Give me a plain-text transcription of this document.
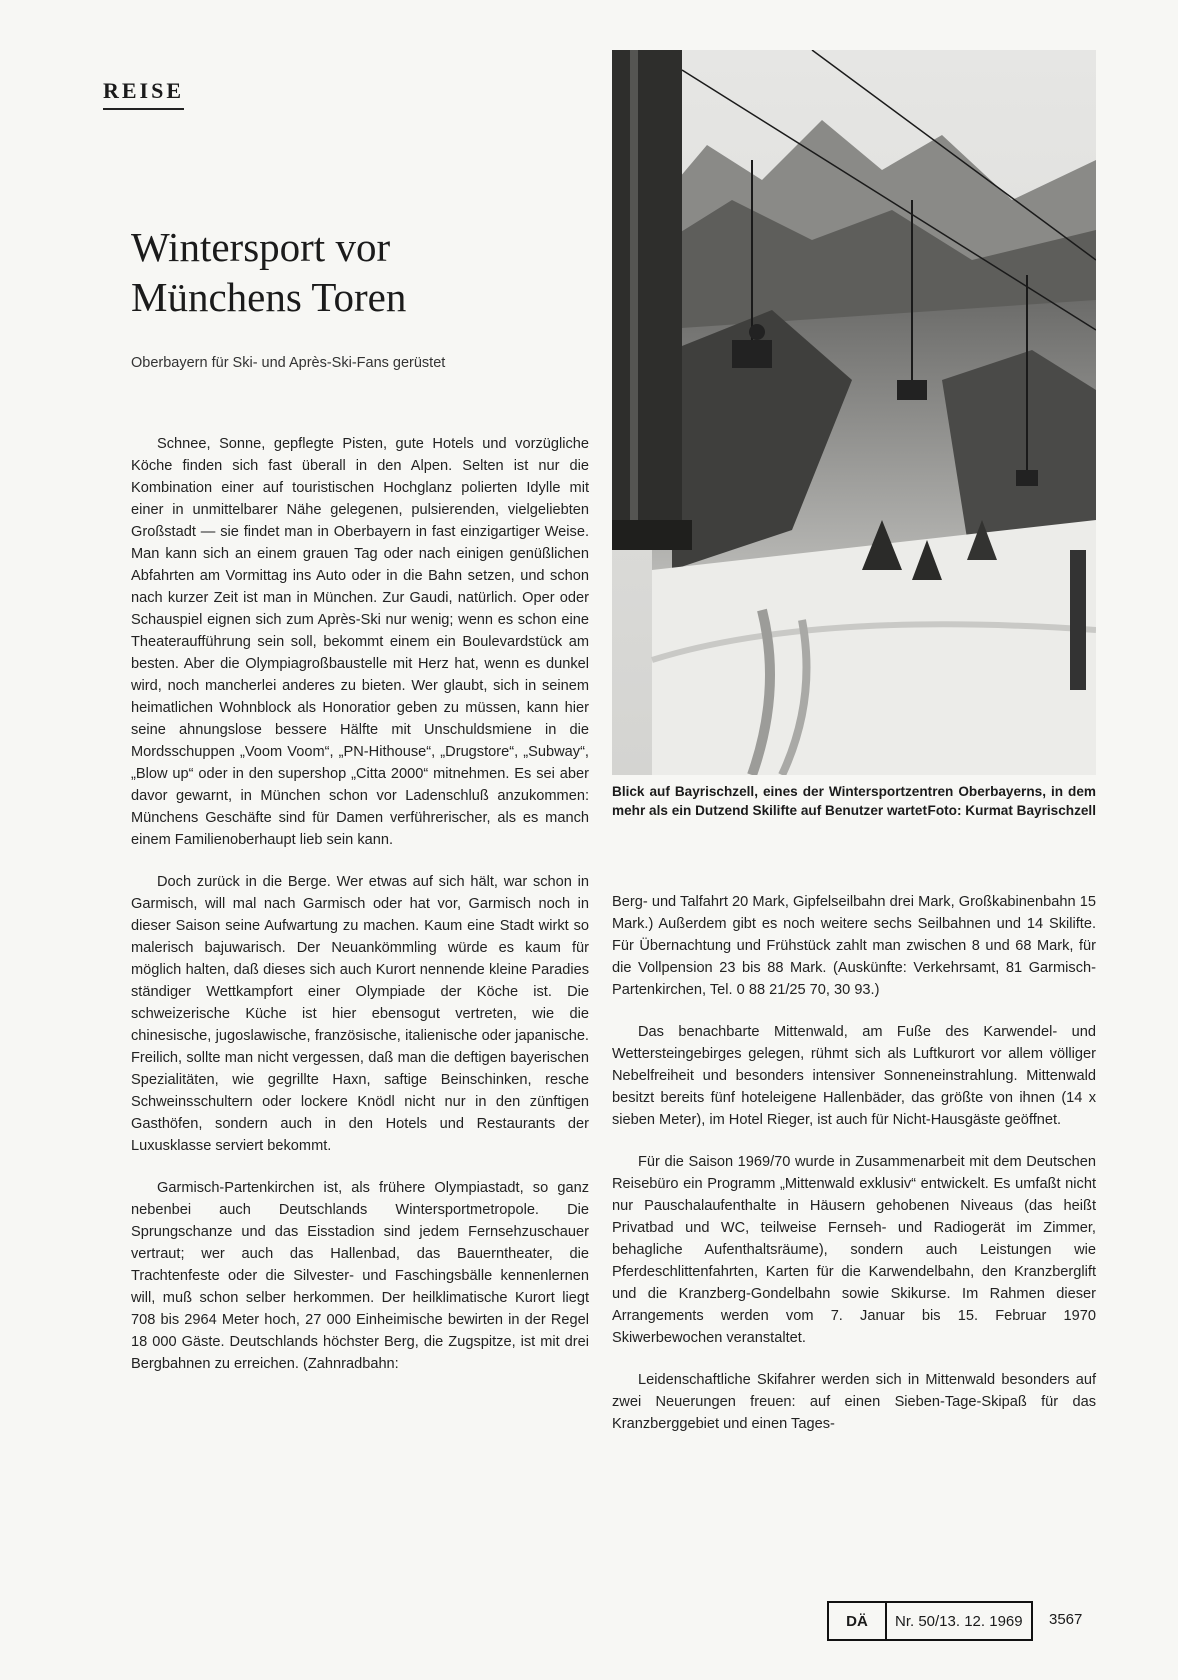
REISE
Wintersport vor
Münchens Toren
Oberbayern für Ski- und Après-Ski-Fans gerüstet

Schnee, Sonne, gepflegte Pisten, gute Hotels und vorzügliche Köche finden sich fast überall in den Alpen. Selten ist nur die Kombination einer auf touristischen Hochglanz polierten Idylle mit einer in unmittelbarer Nähe gelegenen, pulsierenden, vielgeliebten Großstadt — sie findet man in Oberbayern in fast einzigartiger Weise. Man kann sich an einem grauen Tag oder nach einigen genüßlichen Abfahrten am Vormittag ins Auto oder in die Bahn setzen, und schon nach kurzer Zeit ist man in München. Zur Gaudi, natürlich. Oper oder Schauspiel eignen sich zum Après-Ski nur wenig; wenn es schon eine Theateraufführung sein soll, bekommt einem ein Boulevardstück am besten. Aber die Olympiagroßbaustelle mit Herz hat, wenn es dunkel wird, noch mancherlei anderes zu bieten. Wer glaubt, sich in seinem heimatlichen Wohnblock als Honoratior geben zu müssen, kann hier seine ahnungslose bessere Hälfte mit Unschuldsmiene in die Mordsschuppen „Voom Voom“, „PN-Hithouse“, „Drugstore“, „Subway“, „Blow up“ oder in den supershop „Citta 2000“ mitnehmen. Es sei aber davor gewarnt, in München schon vor Ladenschluß anzukommen: Münchens Geschäfte sind für Damen verführerischer, als es manch einem Familienoberhaupt lieb sein kann.

Doch zurück in die Berge. Wer etwas auf sich hält, war schon in Garmisch, will mal nach Garmisch oder hat vor, Garmisch noch in dieser Saison seine Aufwartung zu machen. Kaum eine Stadt wirkt so malerisch bajuwarisch. Der Neuankömmling würde es kaum für möglich halten, daß dieses sich auch Kurort nennende kleine Paradies ständiger Wettkampfort einer Olympiade der Köche ist. Die schweizerische Küche ist hier ebensogut vertreten, wie die chinesische, jugoslawische, französische, italienische oder japanische. Freilich, sollte man nicht vergessen, daß man die deftigen bayerischen Spezialitäten, wie gegrillte Haxn, saftige Beinschinken, resche Schweinsschultern oder lockere Knödl nicht nur in den zünftigen Gasthöfen, sondern auch in den Hotels und Restaurants der Luxusklasse serviert bekommt.

Garmisch-Partenkirchen ist, als frühere Olympiastadt, so ganz nebenbei auch Deutschlands Wintersportmetropole. Die Sprungschanze und das Eisstadion sind jedem Fernsehzuschauer vertraut; wer auch das Hallenbad, das Bauerntheater, die Trachtenfeste oder die Silvester- und Faschingsbälle kennenlernen will, muß schon selber herkommen. Der heilklimatische Kurort liegt 708 bis 2964 Meter hoch, 27 000 Einheimische bewirten in der Regel 18 000 Gäste. Deutschlands höchster Berg, die Zugspitze, ist mit drei Bergbahnen zu erreichen. (Zahnradbahn:

Blick auf Bayrischzell, eines der Wintersportzentren Oberbayerns, in dem mehr als ein Dutzend Skilifte auf Benutzer wartet Foto: Kurmat Bayrischzell

Berg- und Talfahrt 20 Mark, Gipfelseilbahn drei Mark, Großkabinenbahn 15 Mark.) Außerdem gibt es noch weitere sechs Seilbahnen und 14 Skilifte. Für Übernachtung und Frühstück zahlt man zwischen 8 und 68 Mark, für die Vollpension 23 bis 88 Mark. (Auskünfte: Verkehrsamt, 81 Garmisch-Partenkirchen, Tel. 0 88 21/25 70, 30 93.)

Das benachbarte Mittenwald, am Fuße des Karwendel- und Wettersteingebirges gelegen, rühmt sich als Luftkurort vor allem völliger Nebelfreiheit und besonders intensiver Sonneneinstrahlung. Mittenwald besitzt bereits fünf hoteleigene Hallenbäder, das größte von ihnen (14 x sieben Meter), im Hotel Rieger, ist auch für Nicht-Hausgäste geöffnet.

Für die Saison 1969/70 wurde in Zusammenarbeit mit dem Deutschen Reisebüro ein Programm „Mittenwald exklusiv“ entwickelt. Es umfaßt nicht nur Pauschalaufenthalte in Häusern gehobenen Niveaus (das heißt Privatbad und WC, teilweise Fernseh- und Radiogerät im Zimmer, behagliche Aufenthaltsräume), sondern auch Leistungen wie Pferdeschlittenfahrten, Karten für die Karwendelbahn, den Kranzberglift und die Kranzberg-Gondelbahn sowie Skikurse. Im Rahmen dieser Arrangements werden vom 7. Januar bis 15. Februar 1970 Skiwerbewochen veranstaltet.

Leidenschaftliche Skifahrer werden sich in Mittenwald besonders auf zwei Neuerungen freuen: auf einen Sieben-Tage-Skipaß für das Kranzberggebiet und einen Tages-

DÄ	Nr. 50/13. 12. 1969	3567
